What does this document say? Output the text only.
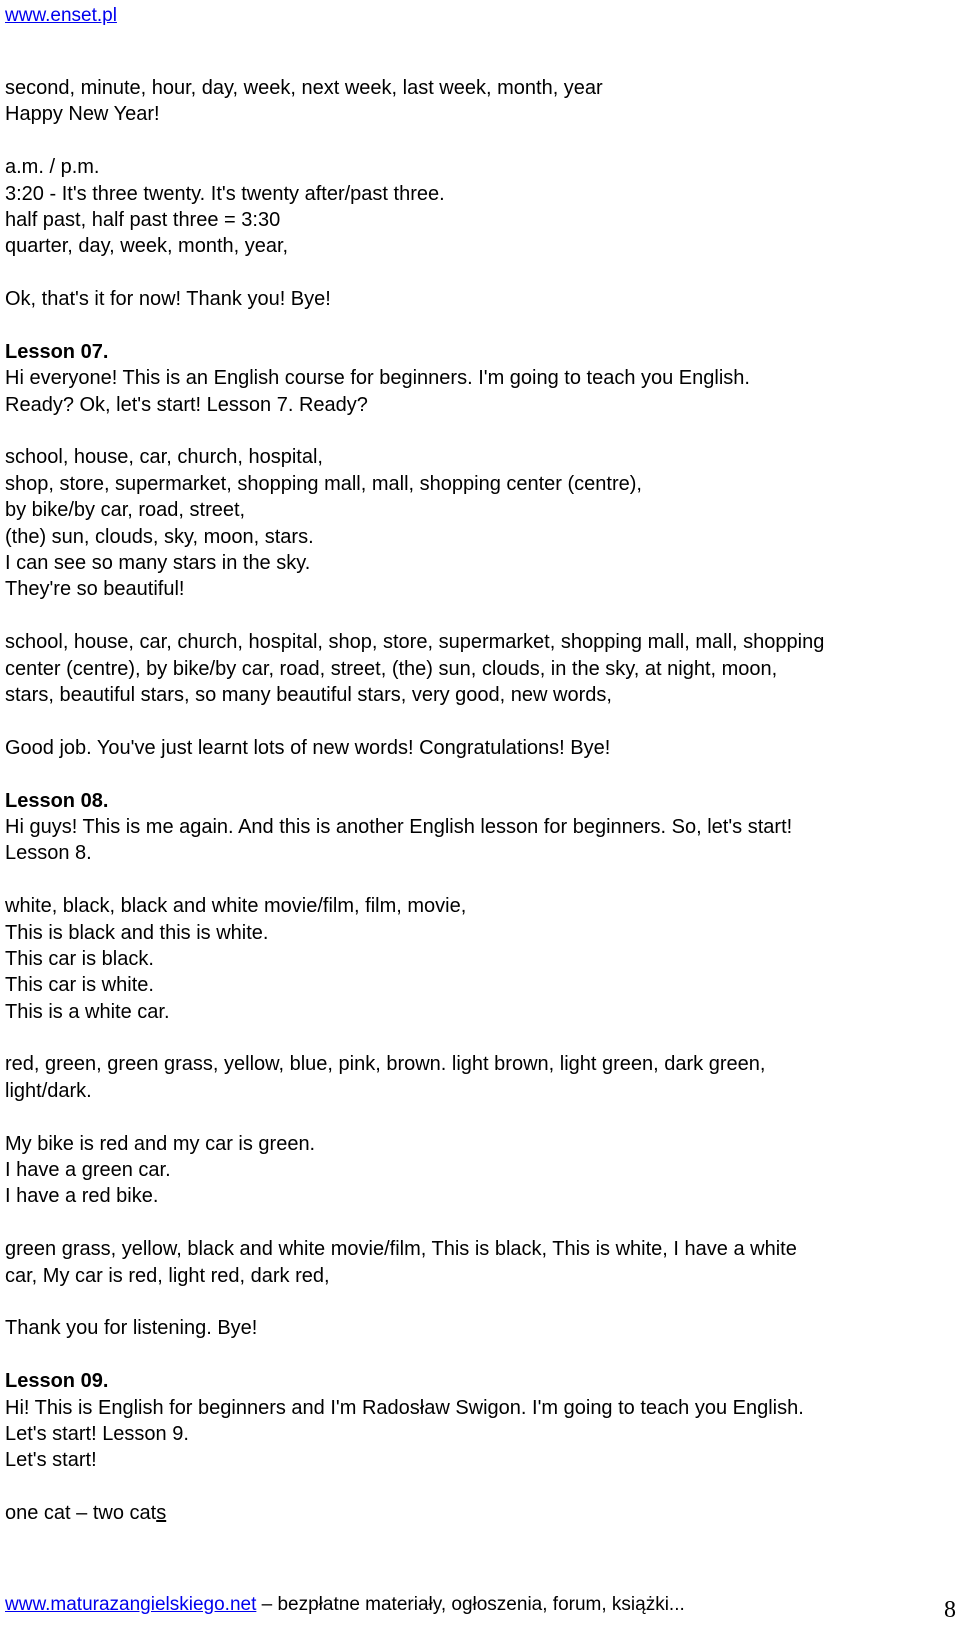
www.enset.pl
second, minute, hour, day, week, next week, last week, month, year
Happy New Year!
a.m. / p.m.
3:20 - It's three twenty. It's twenty after/past three.
half past, half past three = 3:30
quarter, day, week, month, year,
Ok, that's it for now! Thank you! Bye!
Lesson 07.
Hi everyone! This is an English course for beginners. I'm going to teach you English.
Ready? Ok, let's start! Lesson 7. Ready?
school, house, car, church, hospital,
shop, store, supermarket, shopping mall, mall, shopping center (centre),
by bike/by car, road, street,
(the) sun, clouds, sky, moon, stars.
I can see so many stars in the sky.
They're so beautiful!
school, house, car, church, hospital, shop, store, supermarket, shopping mall, mall, shopping
center (centre), by bike/by car, road, street, (the) sun, clouds, in the sky, at night, moon,
stars, beautiful stars, so many beautiful stars, very good, new words,
Good job. You've just learnt lots of new words! Congratulations! Bye!
Lesson 08.
Hi guys! This is me again. And this is another English lesson for beginners. So, let's start!
Lesson 8.
white, black, black and white movie/film, film, movie,
This is black and this is white.
This car is black.
This car is white.
This is a white car.
red, green, green grass, yellow, blue, pink, brown. light brown, light green, dark green,
light/dark.
My bike is red and my car is green.
I have a green car.
I have a red bike.
green grass, yellow, black and white movie/film, This is black, This is white, I have a white
car, My car is red, light red, dark red,
Thank you for listening. Bye!
Lesson 09.
Hi! This is English for beginners and I'm Radosław Swigon. I'm going to teach you English.
Let's start! Lesson 9.
Let's start!
one cat – two cats
www.maturazangielskiego.net – bezpłatne materiały, ogłoszenia, forum, książki...	8
